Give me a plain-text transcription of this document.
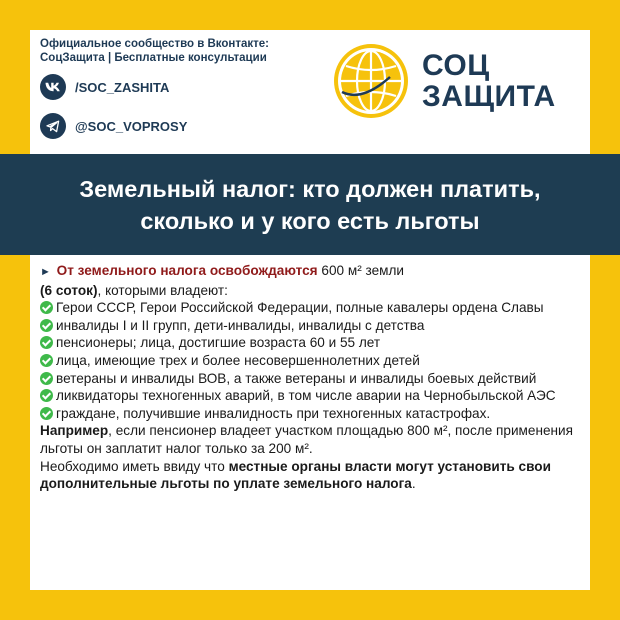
Официальное сообщество в Вконтакте:
СоцЗащита | Бесплатные консультации
/SOC_ZASHITA
@SOC_VOPROSY
СОЦ
ЗАЩИТА
Земельный налог: кто должен платить,
сколько и у кого есть льготы

► От земельного налога освобождаются 600 м² земли
(6 соток), которыми владеют:

Герои СССР, Герои Российской Федерации, полные кавалеры ордена Славы

инвалиды I и II групп, дети-инвалиды, инвалиды с детства

пенсионеры; лица, достигшие возраста 60 и 55 лет

лица, имеющие трех и более несовершеннолетних детей

ветераны и инвалиды ВОВ, а также ветераны и инвалиды боевых действий

ликвидаторы техногенных аварий, в том числе аварии на Чернобыльской АЭС

граждане, получившие инвалидность при техногенных катастрофах.

Например, если пенсионер владеет участком площадью 800 м², после применения льготы он заплатит налог только за 200 м².

Необходимо иметь ввиду что местные органы власти могут установить свои дополнительные льготы по уплате земельного налога.
